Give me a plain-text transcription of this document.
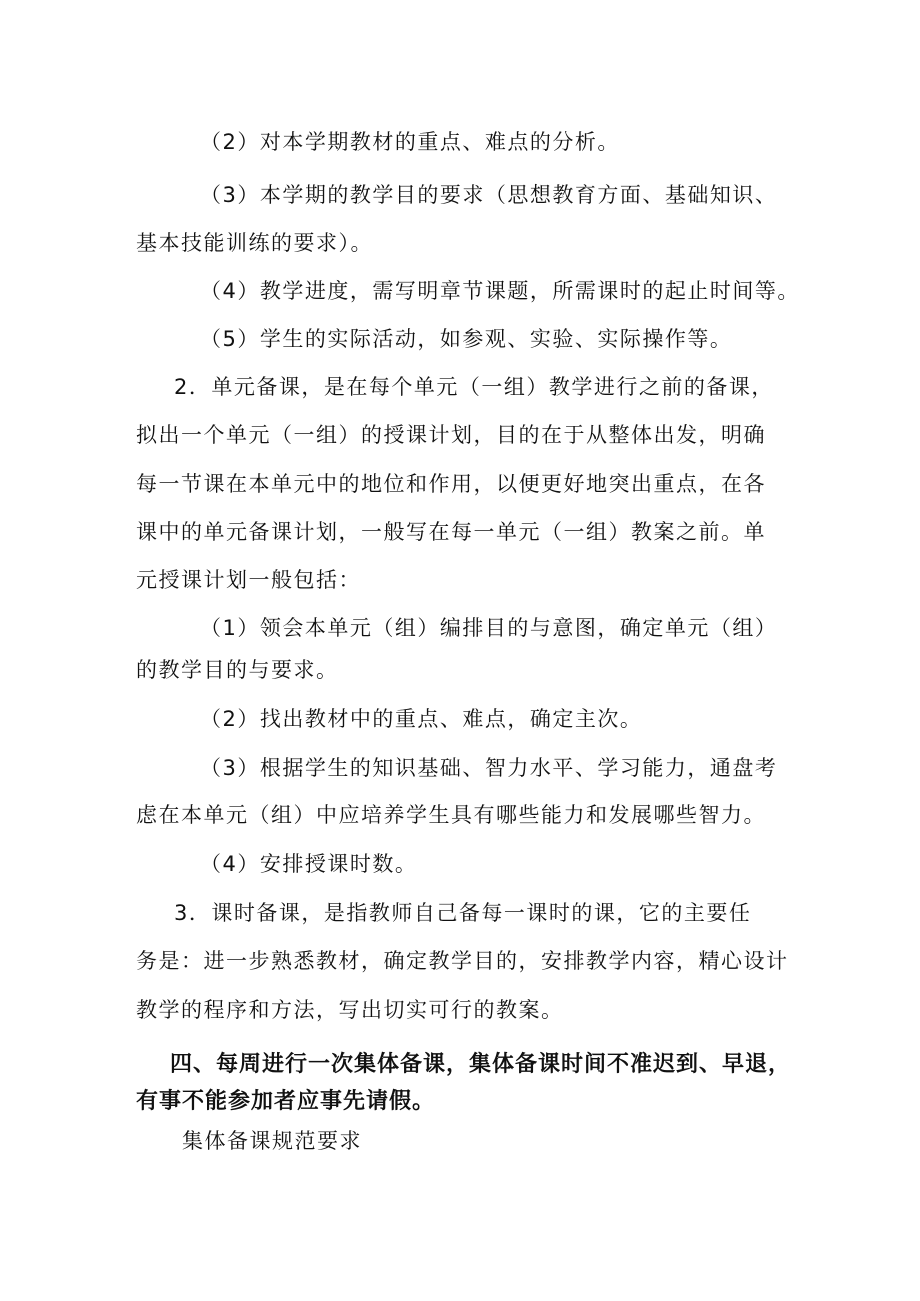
（2）对本学期教材的重点、难点的分析。
（3）本学期的教学目的要求（思想教育方面、基础知识、
基本技能训练的要求）。
（4）教学进度，需写明章节课题，所需课时的起止时间等。
（5）学生的实际活动，如参观、实验、实际操作等。
2．单元备课，是在每个单元（一组）教学进行之前的备课，
拟出一个单元（一组）的授课计划，目的在于从整体出发，明确
每一节课在本单元中的地位和作用，以便更好地突出重点，在各
课中的单元备课计划，一般写在每一单元（一组）教案之前。单
元授课计划一般包括：
（1）领会本单元（组）编排目的与意图，确定单元（组）
的教学目的与要求。
（2）找出教材中的重点、难点，确定主次。
（3）根据学生的知识基础、智力水平、学习能力，通盘考
虑在本单元（组）中应培养学生具有哪些能力和发展哪些智力。
（4）安排授课时数。
3．课时备课，是指教师自己备每一课时的课，它的主要任
务是：进一步熟悉教材，确定教学目的，安排教学内容，精心设计
教学的程序和方法，写出切实可行的教案。
四、每周进行一次集体备课，集体备课时间不准迟到、早退，
有事不能参加者应事先请假。
集体备课规范要求
